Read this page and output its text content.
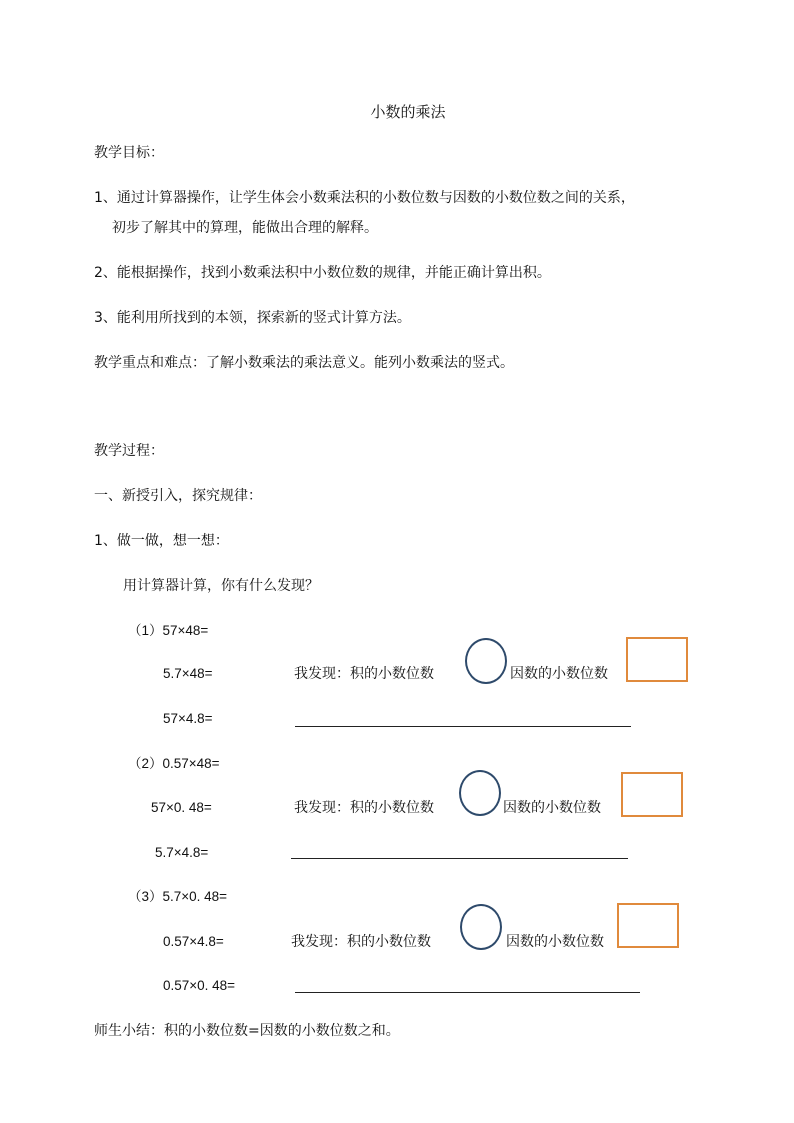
小数的乘法
教学目标：
1、通过计算器操作，让学生体会小数乘法积的小数位数与因数的小数位数之间的关系，
初步了解其中的算理，能做出合理的解释。
2、能根据操作，找到小数乘法积中小数位数的规律，并能正确计算出积。
3、能利用所找到的本领，探索新的竖式计算方法。
教学重点和难点：了解小数乘法的乘法意义。能列小数乘法的竖式。
教学过程：
一、新授引入，探究规律：
1、做一做，想一想：
用计算器计算，你有什么发现？
（1）57×48=
5.7×48=	我发现：积的小数位数	因数的小数位数
57×4.8=
（2）0.57×48=
57×0. 48=	我发现：积的小数位数	因数的小数位数
5.7×4.8=
（3）5.7×0. 48=
0.57×4.8=	我发现：积的小数位数	因数的小数位数
0.57×0. 48=
师生小结：积的小数位数=因数的小数位数之和。
